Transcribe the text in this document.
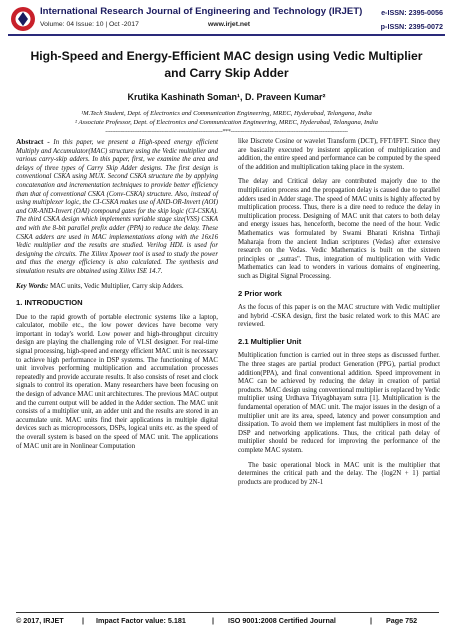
International Research Journal of Engineering and Technology (IRJET)
Volume: 04 Issue: 10 | Oct -2017	www.irjet.net
e-ISSN: 2395-0056
p-ISSN: 2395-0072
High-Speed and Energy-Efficient MAC design using Vedic Multiplier and Carry Skip Adder
Krutika Kashinath Soman¹, D. Praveen Kumar²
¹M.Tech Student, Dept. of Electronics and Communication Engineering, MREC, Hyderabad, Telangana, India
² Associate Professor, Dept. of Electronics and Communication Engineering, MREC, Hyderabad, Telangana, India
---------------------------------------------------------------------***---------------------------------------------------------------------

Abstract - In this paper, we present a High-speed energy efficient Multiply and Accumulator(MAC) structure using the Vedic multiplier and various carry-skip adders. In this paper, first, we examine the area and delays of three types of Carry Skip Adder designs. The first design is conventional CSKA using MUX. Second CSKA structure the by applying concatenation and incrementation techniques to provide better efficiency than that of conventional CSKA (Conv-CSKA) structure. Also, instead of using multiplexer logic, the CI-CSKA makes use of AND-OR-Invert (AOI) and OR-AND-Invert (OAI) compound gates for the skip logic (CI-CSKA). The third CSKA design which implements variable stage size(VSS) CSKA and with the 8-bit parallel prefix adder (PPA) to reduce the delay. These CSKA adders are used in MAC implementations along with the 16x16 Vedic multiplier and the results are studied. Verilog HDL is used for designing the circuits. The Xilinx Xpower tool is used to study the power and thus the energy efficiency is also calculated. The synthesis and simulation results are obtained using Xilinx ISE 14.7.

Key Words: MAC units, Vedic Multiplier, Carry skip Adders.

1. INTRODUCTION

Due to the rapid growth of portable electronic systems like a laptop, calculator, mobile etc., the low power devices have become very important in today's world. Low power and high-throughput circuitry design are playing the challenging role of VLSI designer. For real-time signal processing, high-speed and energy efficient MAC unit is necessary to achieve high performance in DSP systems. The functioning of MAC unit involves performing multiplication and accumulation processes repeatedly and provide accurate results. It also consists of reset and clock signals to control its operation. Many researchers have been focusing on the design of advance MAC unit architectures. The previous MAC output and the current output will be added in the Adder section. The MAC unit consists of a multiplier unit, an adder unit and the results are stored in an accumulate unit. MAC units find their applications in multiple digital devices such as microprocessors, DSPs, logical units etc. as the speed of the overall system is based on the speed of MAC unit. The applications of MAC unit are in Nonlinear Computation

like Discrete Cosine or wavelet Transform (DCT), FFT/IFFT. Since they are basically executed by insistent application of multiplication and addition, the entire speed and performance can be computed by the speed of the addition and multiplication taking place in the system.

The delay and Critical delay are contributed majorly due to the multiplication process and the propagation delay is caused due to parallel adders used in Adder stage. The speed of MAC units is highly affected by multiplication process. Thus, there is a dire need to reduce the delay in multiplication process. Designing of MAC unit that caters to both delay and energy issues has, henceforth, become the need of the hour. Vedic Mathematics was formulated by Swami Bharati Krishna Tirthaji Maharaja from the ancient Indian scriptures (Vedas) after extensive research on the Vedas. Vedic Mathematics is built on the sixteen principles or „sutras". Thus, integration of multiplication with Vedic Mathematics can lead to wonders in various domains of engineering, such as Digital Signal Processing.

2 Prior work

As the focus of this paper is on the MAC structure with Vedic multiplier and hybrid -CSKA design, first the basic related work to this MAC are reviewed.

2.1 Multiplier Unit

Multiplication function is carried out in three steps as discussed further. The three stages are partial product Generation (PPG), partial product addition(PPA), and final conventional addition. Speed improvement in MAC can be achieved by reducing the delay in creation of partial products. MAC design using conventional multiplier is replaced by Vedic multiplier using Urdhava Triyagbhayam sutra [1]. Multiplication is the fundamental operation of MAC unit. The major issues in the design of a multiplier unit are its area, speed, latency and power consumption and dissipation. To avoid them we implement fast multipliers in most of the DSP and networking applications. Thus, the critical path delay of multiplier should be reduced for improving the performance of the complete MAC system.

The basic operational block in MAC unit is the multiplier that determines the critical path and the delay. The {log2N + 1} partial products are produced by 2N-1

© 2017, IRJET	| Impact Factor value: 5.181	| ISO 9001:2008 Certified Journal	| Page 752
